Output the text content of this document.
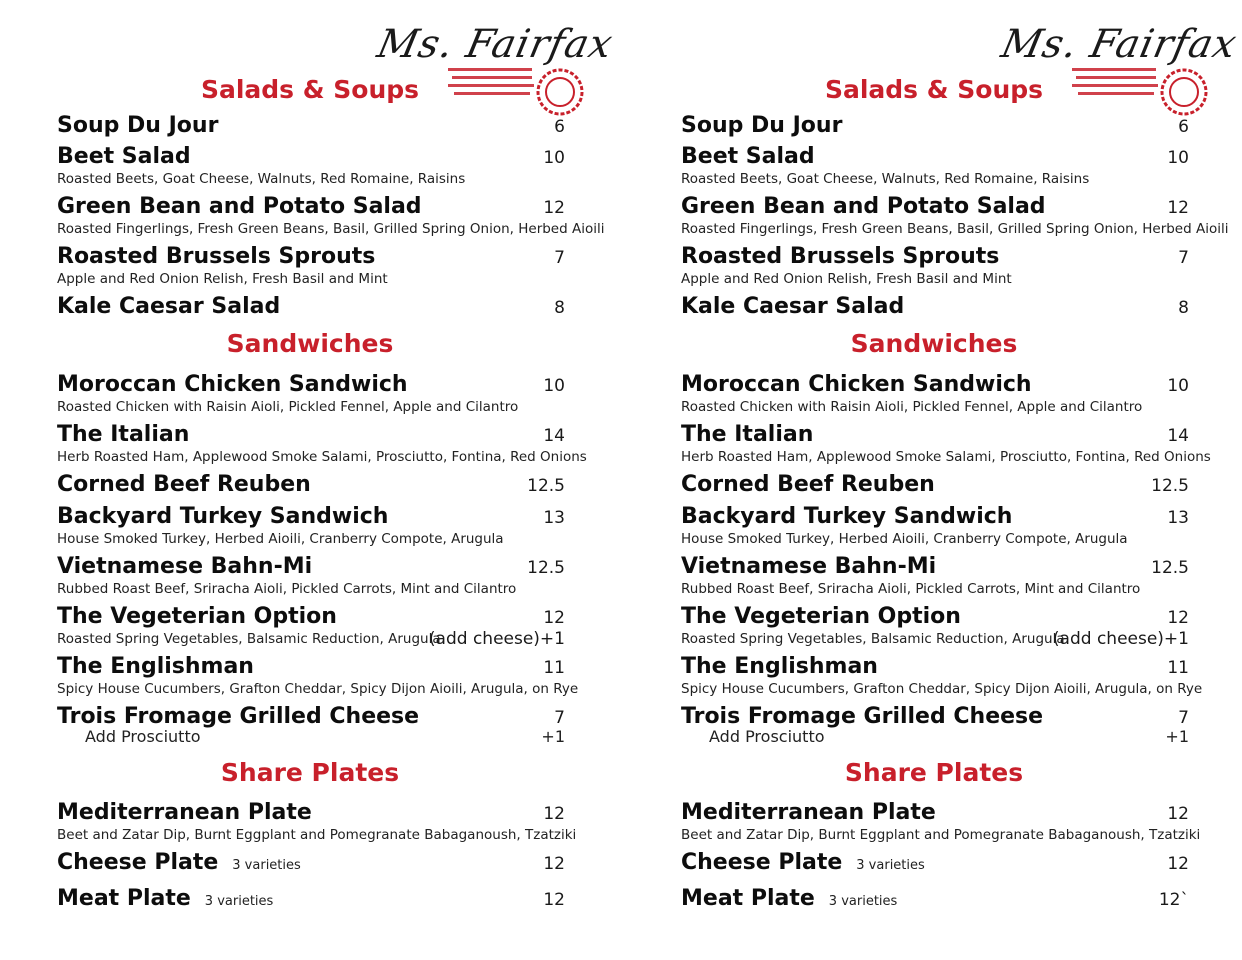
Ms. Fairfax
Salads & Soups
Sandwiches
Share Plates
Soup Du Jour	6
Beet Salad	10
Roasted Beets, Goat Cheese, Walnuts, Red Romaine, Raisins
Green Bean and Potato Salad	12
Roasted Fingerlings, Fresh Green Beans, Basil, Grilled Spring Onion, Herbed Aioili
Roasted Brussels Sprouts	7
Apple and Red Onion Relish, Fresh Basil and Mint
Kale Caesar Salad	8
Moroccan Chicken Sandwich	10
Roasted Chicken with Raisin Aioli, Pickled Fennel, Apple and Cilantro
The Italian	14
Herb Roasted Ham, Applewood Smoke Salami, Prosciutto, Fontina, Red Onions
Corned Beef Reuben	12.5
Backyard Turkey Sandwich	13
House Smoked Turkey, Herbed Aioili, Cranberry Compote, Arugula
Vietnamese Bahn-Mi	12.5
Rubbed Roast Beef, Sriracha Aioli, Pickled Carrots, Mint and Cilantro
The Vegeterian Option	12
Roasted Spring Vegetables, Balsamic Reduction, Arugula
(add cheese)+1
The Englishman	11
Spicy House Cucumbers, Grafton Cheddar, Spicy Dijon Aioili, Arugula, on Rye
Trois Fromage Grilled Cheese	7
Add Prosciutto	+1
Mediterranean Plate	12
Beet and Zatar Dip, Burnt Eggplant and Pomegranate Babaganoush, Tzatziki
Cheese Plate 3 varieties	12
Meat Plate 3 varieties	12
Ms. Fairfax
Salads & Soups
Sandwiches
Share Plates
Soup Du Jour	6
Beet Salad	10
Roasted Beets, Goat Cheese, Walnuts, Red Romaine, Raisins
Green Bean and Potato Salad	12
Roasted Fingerlings, Fresh Green Beans, Basil, Grilled Spring Onion, Herbed Aioili
Roasted Brussels Sprouts	7
Apple and Red Onion Relish, Fresh Basil and Mint
Kale Caesar Salad	8
Moroccan Chicken Sandwich	10
Roasted Chicken with Raisin Aioli, Pickled Fennel, Apple and Cilantro
The Italian	14
Herb Roasted Ham, Applewood Smoke Salami, Prosciutto, Fontina, Red Onions
Corned Beef Reuben	12.5
Backyard Turkey Sandwich	13
House Smoked Turkey, Herbed Aioili, Cranberry Compote, Arugula
Vietnamese Bahn-Mi	12.5
Rubbed Roast Beef, Sriracha Aioli, Pickled Carrots, Mint and Cilantro
The Vegeterian Option	12
Roasted Spring Vegetables, Balsamic Reduction, Arugula
(add cheese)+1
The Englishman	11
Spicy House Cucumbers, Grafton Cheddar, Spicy Dijon Aioili, Arugula, on Rye
Trois Fromage Grilled Cheese	7
Add Prosciutto	+1
Mediterranean Plate	12
Beet and Zatar Dip, Burnt Eggplant and Pomegranate Babaganoush, Tzatziki
Cheese Plate 3 varieties	12
Meat Plate 3 varieties	12`
